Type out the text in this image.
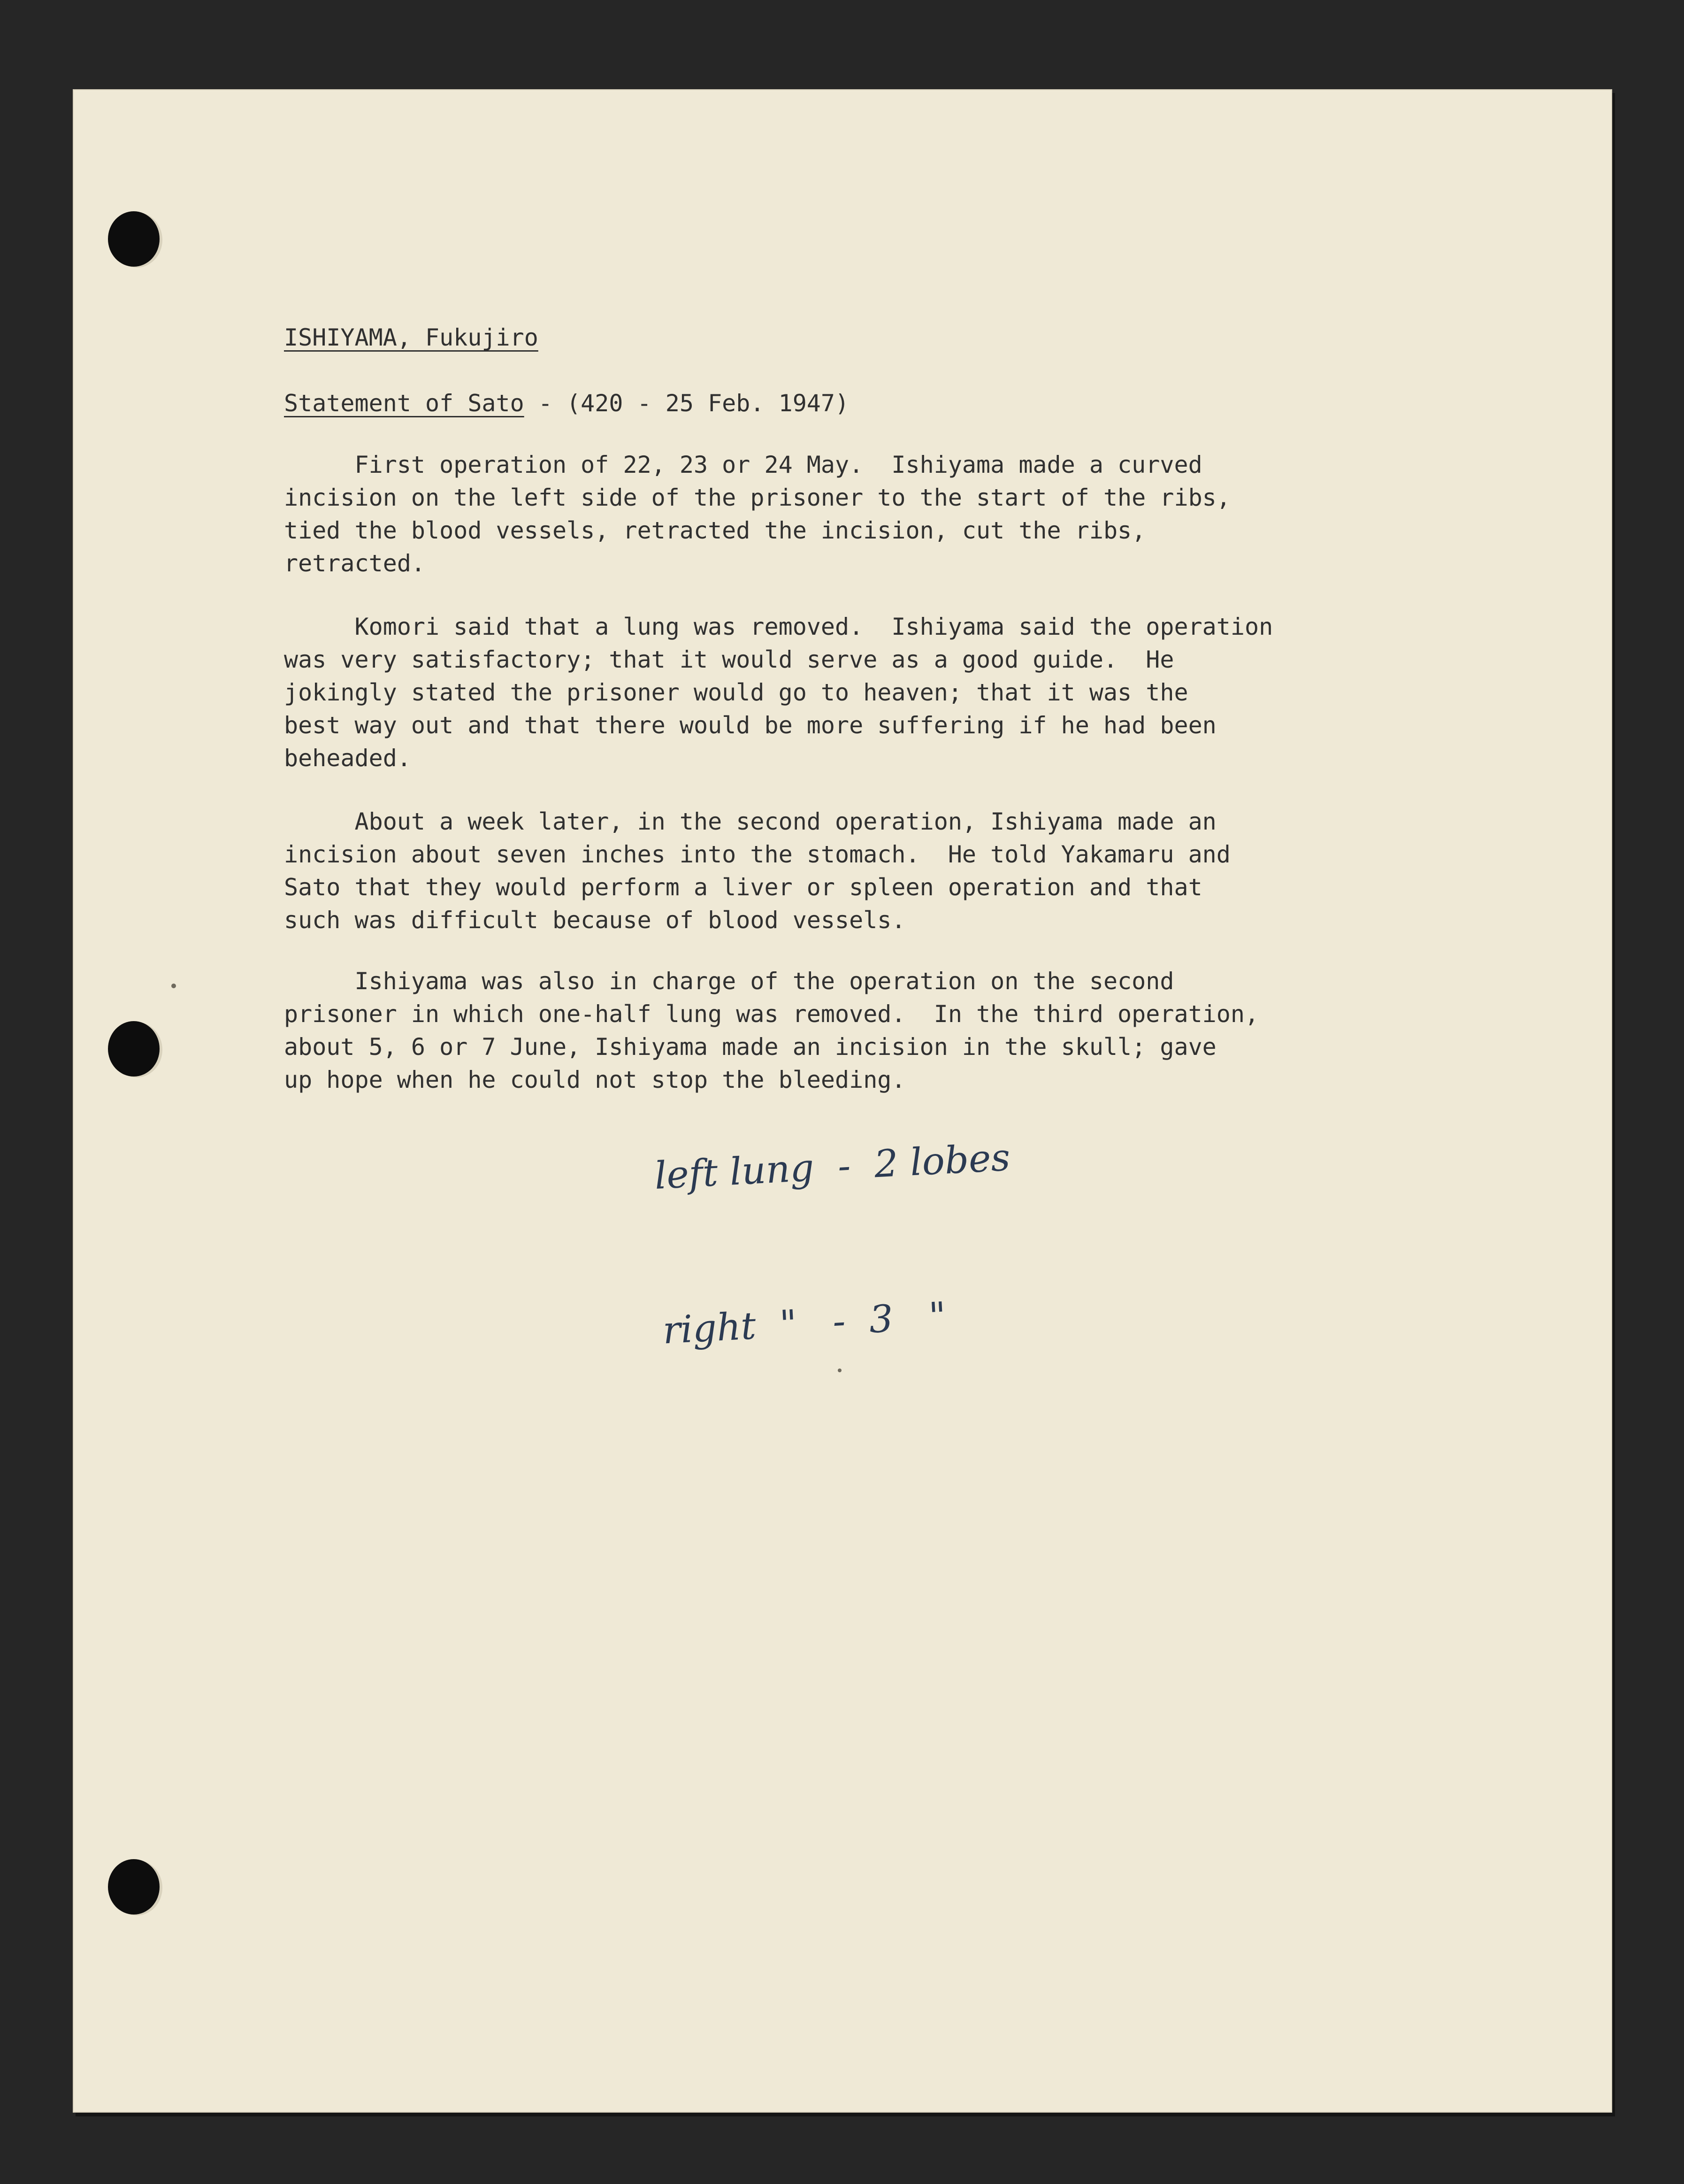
ISHIYAMA, Fukujiro

Statement of Sato - (420 - 25 Feb. 1947)

First operation of 22, 23 or 24 May.  Ishiyama made a curved
incision on the left side of the prisoner to the start of the ribs,
tied the blood vessels, retracted the incision, cut the ribs,
retracted.
Komori said that a lung was removed.  Ishiyama said the operation
was very satisfactory; that it would serve as a good guide.  He
jokingly stated the prisoner would go to heaven; that it was the
best way out and that there would be more suffering if he had been
beheaded.
About a week later, in the second operation, Ishiyama made an
incision about seven inches into the stomach.  He told Yakamaru and
Sato that they would perform a liver or spleen operation and that
such was difficult because of blood vessels.
Ishiyama was also in charge of the operation on the second
prisoner in which one-half lung was removed.  In the third operation,
about 5, 6 or 7 June, Ishiyama made an incision in the skull; gave
up hope when he could not stop the bleeding.

left lung  -  2 lobes

right  "   -  3   "
